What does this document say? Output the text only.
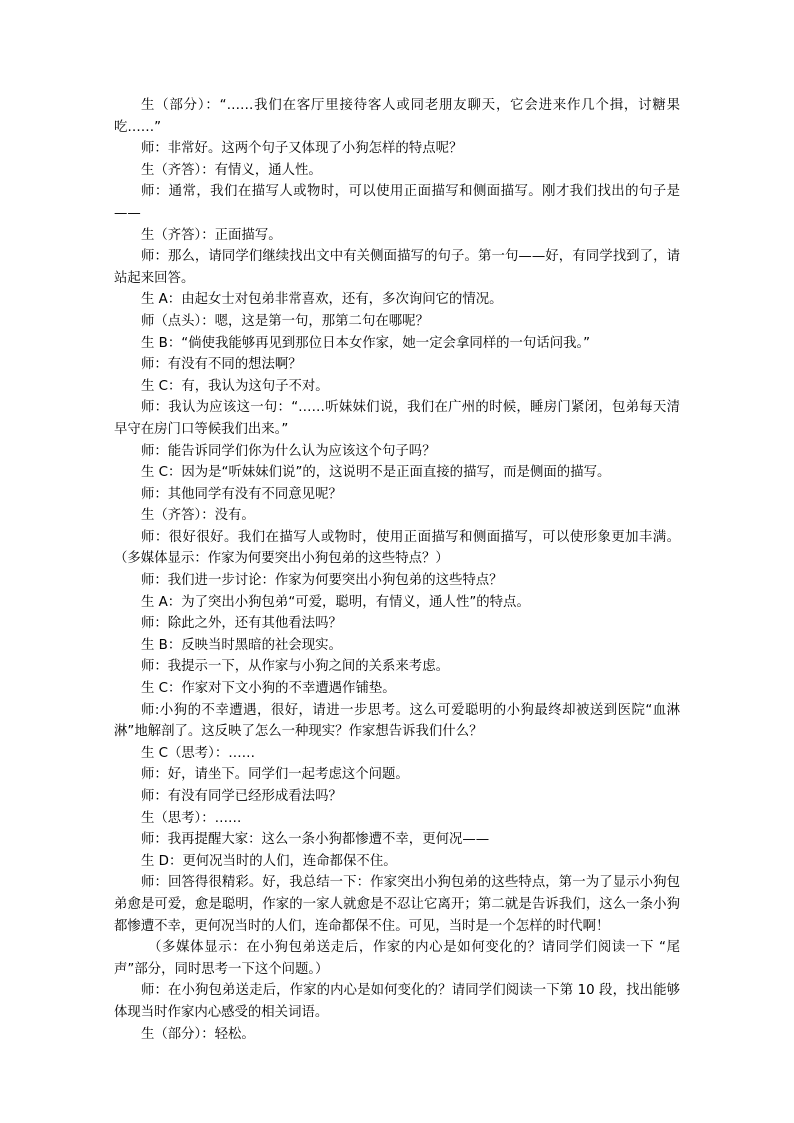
生（部分）：“……我们在客厅里接待客人或同老朋友聊天，它会进来作几个揖，讨糖果吃……”

师：非常好。这两个句子又体现了小狗怎样的特点呢？

生（齐答）：有情义，通人性。

师：通常，我们在描写人或物时，可以使用正面描写和侧面描写。刚才我们找出的句子是——

生（齐答）：正面描写。

师：那么，请同学们继续找出文中有关侧面描写的句子。第一句——好，有同学找到了，请站起来回答。

生 A：由起女士对包弟非常喜欢，还有，多次询问它的情况。

师（点头）：嗯，这是第一句，那第二句在哪呢？

生 B：“倘使我能够再见到那位日本女作家，她一定会拿同样的一句话问我。”

师：有没有不同的想法啊？

生 C：有，我认为这句子不对。

师：我认为应该这一句：“……听妹妹们说，我们在广州的时候，睡房门紧闭，包弟每天清早守在房门口等候我们出来。”

师：能告诉同学们你为什么认为应该这个句子吗？

生 C：因为是“听妹妹们说”的，这说明不是正面直接的描写，而是侧面的描写。

师：其他同学有没有不同意见呢？

生（齐答）：没有。

师：很好很好。我们在描写人或物时，使用正面描写和侧面描写，可以使形象更加丰满。（多媒体显示：作家为何要突出小狗包弟的这些特点？）

师：我们进一步讨论：作家为何要突出小狗包弟的这些特点？

生 A：为了突出小狗包弟“可爱，聪明，有情义，通人性”的特点。

师：除此之外，还有其他看法吗？

生 B：反映当时黑暗的社会现实。

师：我提示一下，从作家与小狗之间的关系来考虑。

生 C：作家对下文小狗的不幸遭遇作铺垫。

师:小狗的不幸遭遇，很好，请进一步思考。这么可爱聪明的小狗最终却被送到医院“血淋淋”地解剖了。这反映了怎么一种现实？作家想告诉我们什么？

生 C（思考）：……

师：好，请坐下。同学们一起考虑这个问题。

师：有没有同学已经形成看法吗？

生（思考）：……

师：我再提醒大家：这么一条小狗都惨遭不幸，更何况——

生 D：更何况当时的人们，连命都保不住。

师：回答得很精彩。好，我总结一下：作家突出小狗包弟的这些特点，第一为了显示小狗包弟愈是可爱，愈是聪明，作家的一家人就愈是不忍让它离开；第二就是告诉我们，这么一条小狗都惨遭不幸，更何况当时的人们，连命都保不住。可见，当时是一个怎样的时代啊！

（多媒体显示：在小狗包弟送走后，作家的内心是如何变化的？请同学们阅读一下 “尾声”部分，同时思考一下这个问题。）

师：在小狗包弟送走后，作家的内心是如何变化的？请同学们阅读一下第 10 段，找出能够体现当时作家内心感受的相关词语。

生（部分）：轻松。
